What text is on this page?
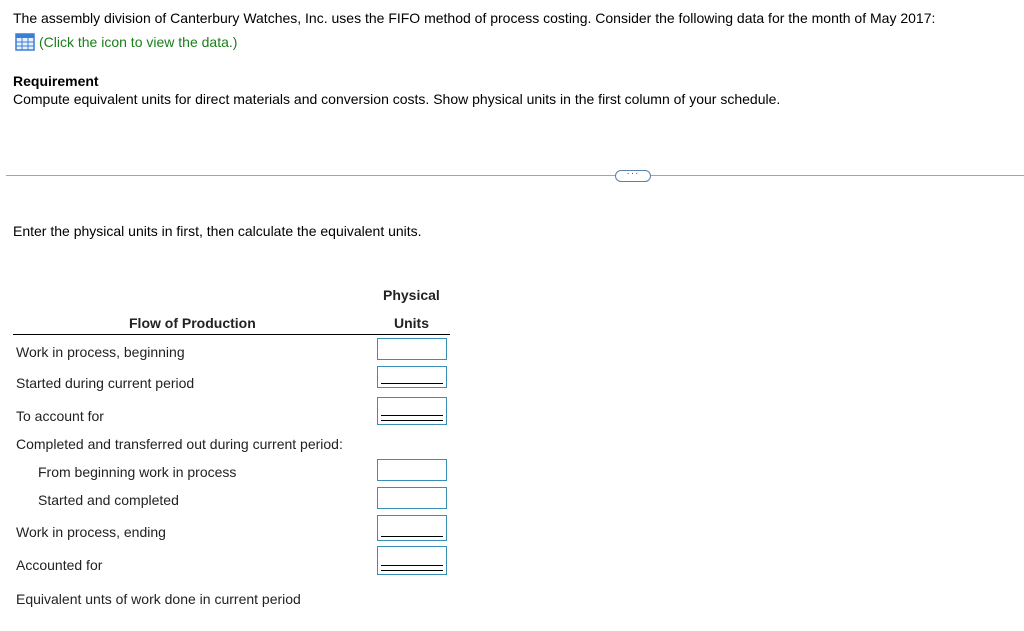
The assembly division of Canterbury Watches, Inc. uses the FIFO method of process costing. Consider the following data for the month of May 2017:
(Click the icon to view the data.)
Requirement
Compute equivalent units for direct materials and conversion costs. Show physical units in the first column of your schedule.
···
Enter the physical units in first, then calculate the equivalent units.
Physical
Units
Flow of Production
Work in process, beginning
Started during current period
To account for
Completed and transferred out during current period:
From beginning work in process
Started and completed
Work in process, ending
Accounted for
Equivalent unts of work done in current period
